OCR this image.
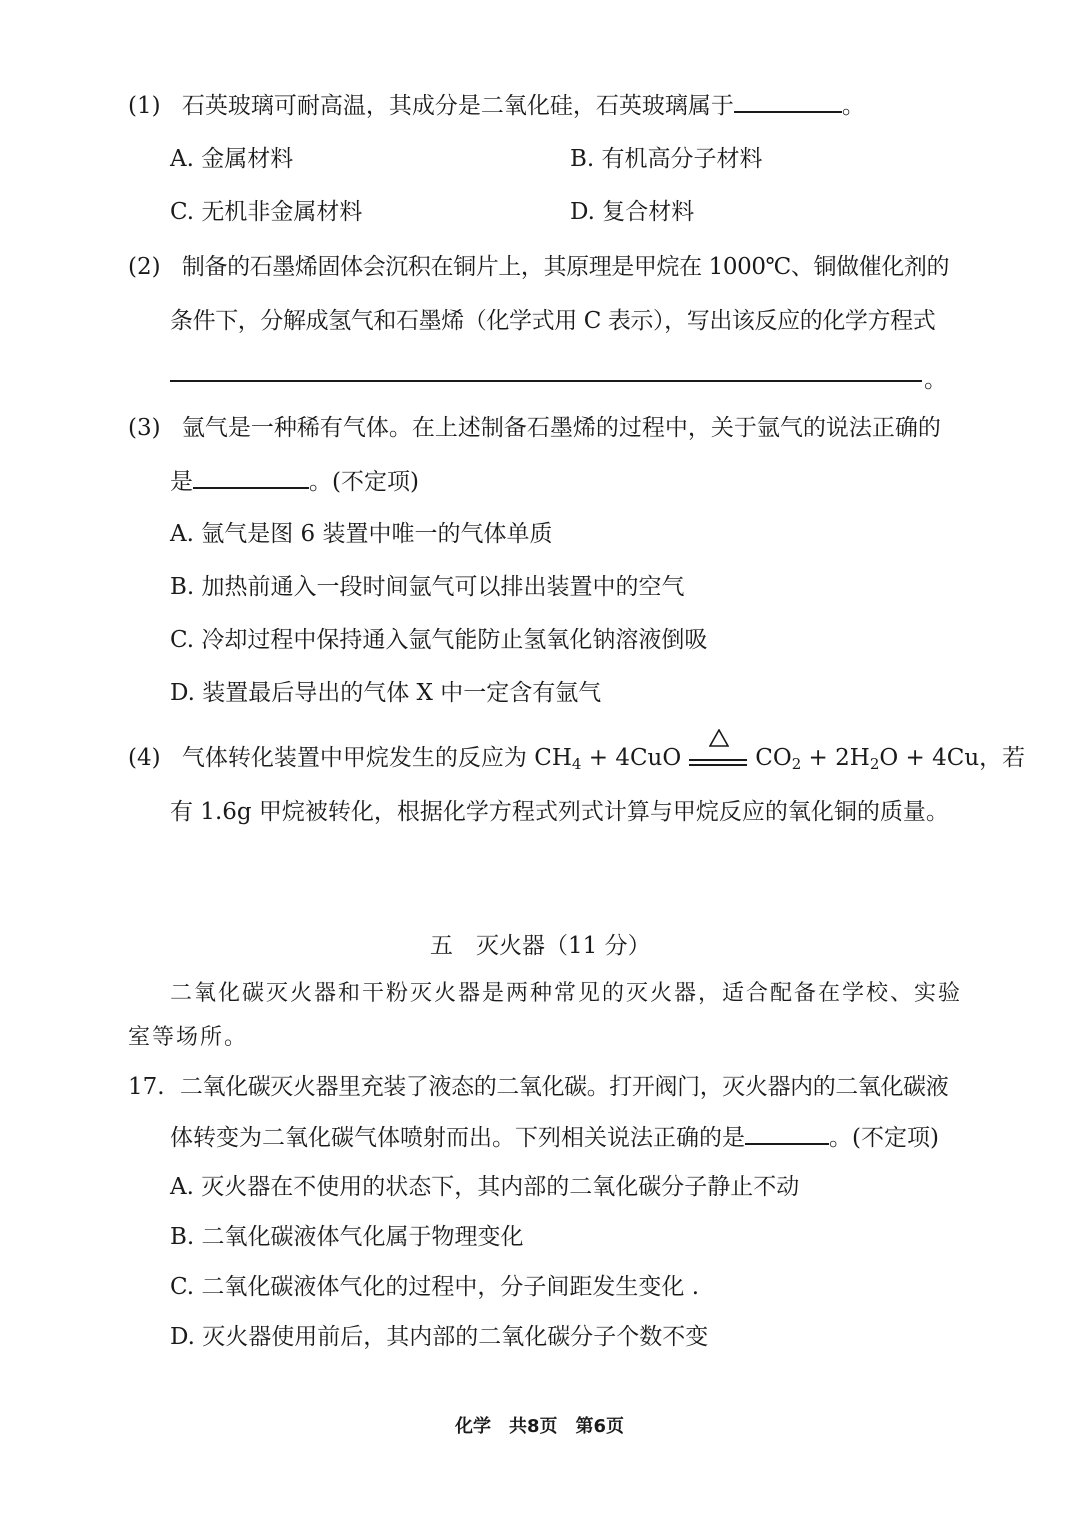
(1) 石英玻璃可耐高温，其成分是二氧化硅，石英玻璃属于	。
A. 金属材料	B. 有机高分子材料
C. 无机非金属材料	D. 复合材料
(2) 制备的石墨烯固体会沉积在铜片上，其原理是甲烷在 1000℃、铜做催化剂的
条件下，分解成氢气和石墨烯（化学式用 C 表示），写出该反应的化学方程式
。
(3) 氩气是一种稀有气体。在上述制备石墨烯的过程中，关于氩气的说法正确的
是	。(不定项)
A. 氩气是图 6 装置中唯一的气体单质
B. 加热前通入一段时间氩气可以排出装置中的空气
C. 冷却过程中保持通入氩气能防止氢氧化钠溶液倒吸
D. 装置最后导出的气体 X 中一定含有氩气
(4) 气体转化装置中甲烷发生的反应为 $CH_4 + 4CuO$ ⇌ $CO_2 + 2H_2O + 4Cu$，若
有 1.6g 甲烷被转化，根据化学方程式列式计算与甲烷反应的氧化铜的质量。
五　灭火器（11 分）
二氧化碳灭火器和干粉灭火器是两种常见的灭火器，适合配备在学校、实验
室等场所。
17. 二氧化碳灭火器里充装了液态的二氧化碳。打开阀门，灭火器内的二氧化碳液
体转变为二氧化碳气体喷射而出。下列相关说法正确的是	。(不定项)
A. 灭火器在不使用的状态下，其内部的二氧化碳分子静止不动
B. 二氧化碳液体气化属于物理变化
C. 二氧化碳液体气化的过程中，分子间距发生变化 .
D. 灭火器使用前后，其内部的二氧化碳分子个数不变
化学　共8页　第6页
